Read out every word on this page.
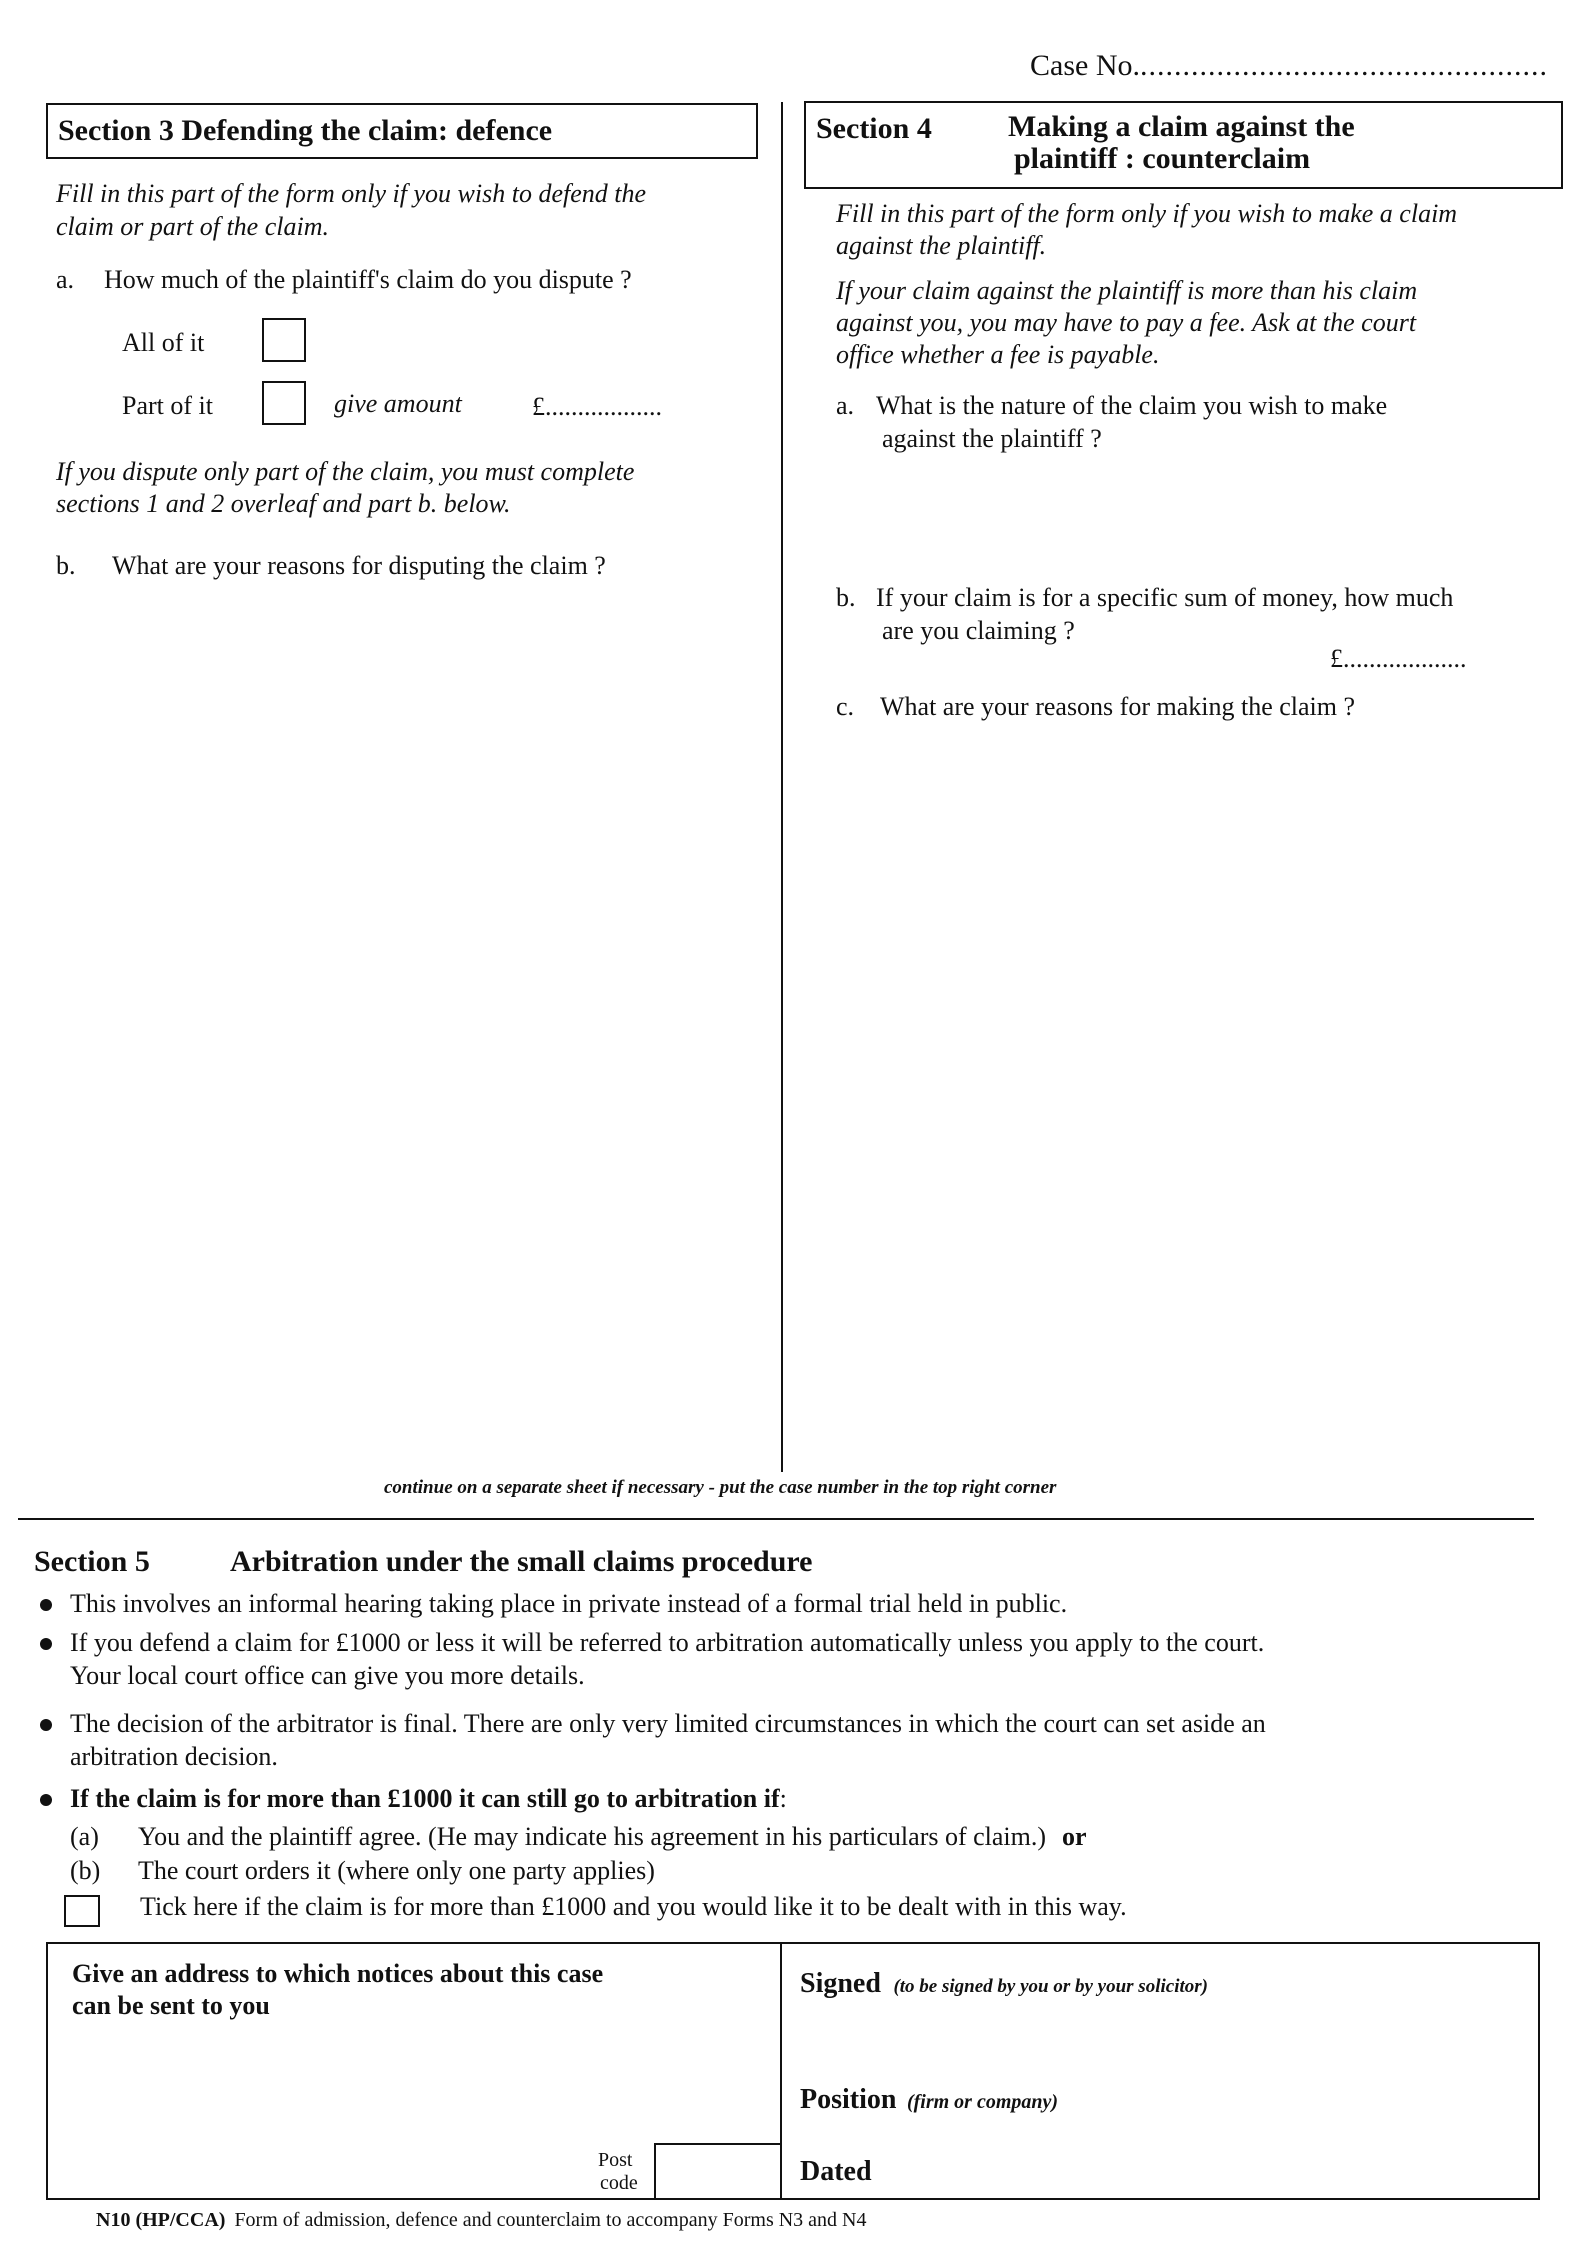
Case No.................................................
Section 3 Defending the claim: defence
Fill in this part of the form only if you wish to defend the
claim or part of the claim.
a. How much of the plaintiff's claim do you dispute ?
All of it
Part of it	give amount	£..................
If you dispute only part of the claim, you must complete
sections 1 and 2 overleaf and part b. below.
b. What are your reasons for disputing the claim ?
Section 4	Making a claim against the
plaintiff : counterclaim
Fill in this part of the form only if you wish to make a claim
against the plaintiff.
If your claim against the plaintiff is more than his claim
against you, you may have to pay a fee. Ask at the court
office whether a fee is payable.
a. What is the nature of the claim you wish to make
against the plaintiff ?
b. If your claim is for a specific sum of money, how much
are you claiming ?
£...................
c. What are your reasons for making the claim ?
continue on a separate sheet if necessary - put the case number in the top right corner
Section 5	Arbitration under the small claims procedure
This involves an informal hearing taking place in private instead of a formal trial held in public.
If you defend a claim for £1000 or less it will be referred to arbitration automatically unless you apply to the court.
Your local court office can give you more details.
The decision of the arbitrator is final. There are only very limited circumstances in which the court can set aside an
arbitration decision.
If the claim is for more than £1000 it can still go to arbitration if:
(a) You and the plaintiff agree. (He may indicate his agreement in his particulars of claim.) or
(b) The court orders it (where only one party applies)
Tick here if the claim is for more than £1000 and you would like it to be dealt with in this way.
Give an address to which notices about this case
can be sent to you
Post
code
Signed (to be signed by you or by your solicitor)
Position (firm or company)
Dated
N10 (HP/CCA) Form of admission, defence and counterclaim to accompany Forms N3 and N4
